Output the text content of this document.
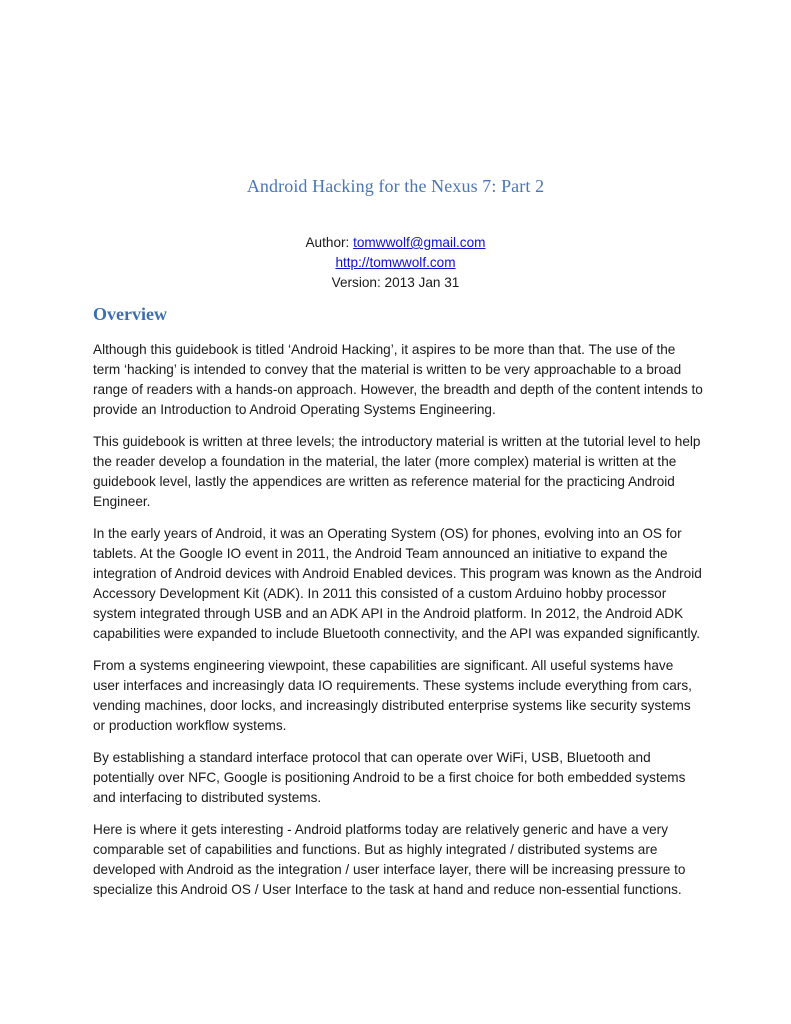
Android Hacking for the Nexus 7: Part 2
Author: tomwwolf@gmail.com
http://tomwwolf.com
Version: 2013 Jan 31
Overview

Although this guidebook is titled ‘Android Hacking’, it aspires to be more than that. The use of the term ‘hacking’ is intended to convey that the material is written to be very approachable to a broad range of readers with a hands-on approach. However, the breadth and depth of the content intends to provide an Introduction to Android Operating Systems Engineering.

This guidebook is written at three levels; the introductory material is written at the tutorial level to help the reader develop a foundation in the material, the later (more complex) material is written at the guidebook level, lastly the appendices are written as reference material for the practicing Android Engineer.

In the early years of Android, it was an Operating System (OS) for phones, evolving into an OS for tablets. At the Google IO event in 2011, the Android Team announced an initiative to expand the integration of Android devices with Android Enabled devices. This program was known as the Android Accessory Development Kit (ADK). In 2011 this consisted of a custom Arduino hobby processor system integrated through USB and an ADK API in the Android platform. In 2012, the Android ADK capabilities were expanded to include Bluetooth connectivity, and the API was expanded significantly.

From a systems engineering viewpoint, these capabilities are significant. All useful systems have user interfaces and increasingly data IO requirements. These systems include everything from cars, vending machines, door locks, and increasingly distributed enterprise systems like security systems or production workflow systems.

By establishing a standard interface protocol that can operate over WiFi, USB, Bluetooth and potentially over NFC, Google is positioning Android to be a first choice for both embedded systems and interfacing to distributed systems.

Here is where it gets interesting - Android platforms today are relatively generic and have a very comparable set of capabilities and functions. But as highly integrated / distributed systems are developed with Android as the integration / user interface layer, there will be increasing pressure to specialize this Android OS / User Interface to the task at hand and reduce non-essential functions.
